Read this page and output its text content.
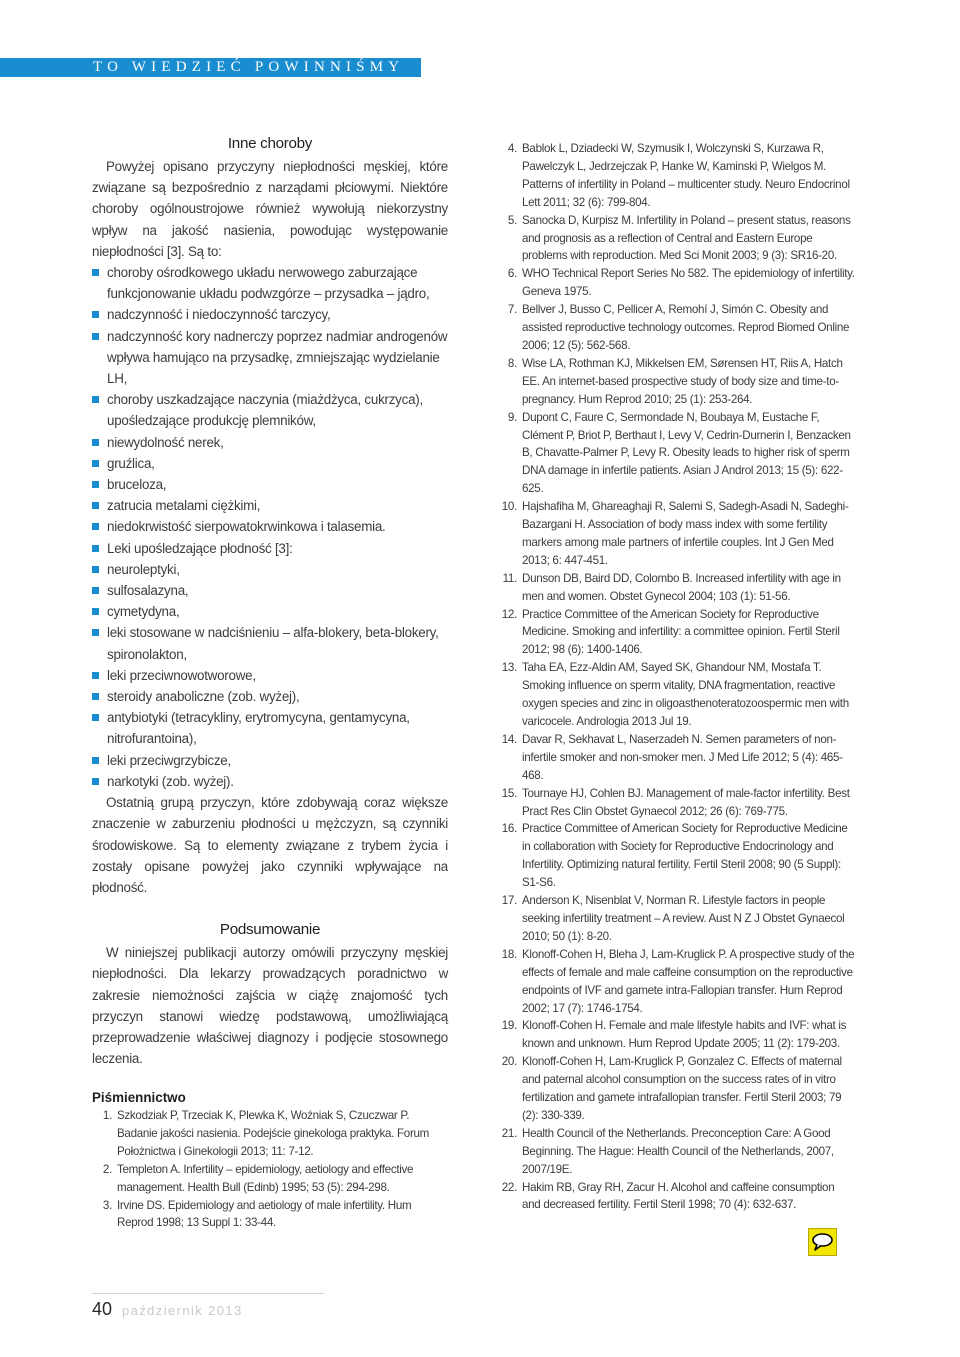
TO WIEDZIEĆ POWINNIŚMY
Inne choroby

Powyżej opisano przyczyny niepłodności męskiej, które związane są bezpośrednio z narządami płciowymi. Niektóre choroby ogólnoustrojowe również wywołują niekorzystny wpływ na jakość nasienia, powodując występowanie niepłodności [3]. Są to:

choroby ośrodkowego układu nerwowego zaburzające funkcjonowanie układu podwzgórze – przysadka – jądro,
nadczynność i niedoczynność tarczycy,
nadczynność kory nadnerczy poprzez nadmiar androgenów wpływa hamująco na przysadkę, zmniejszając wydzielanie LH,
choroby uszkadzające naczynia (miażdżyca, cukrzyca), upośledzające produkcję plemników,
niewydolność nerek,
gruźlica,
bruceloza,
zatrucia metalami ciężkimi,
niedokrwistość sierpowatokrwinkowa i talasemia.
Leki upośledzające płodność [3]:
neuroleptyki,
sulfosalazyna,
cymetydyna,
leki stosowane w nadciśnieniu – alfa-blokery, beta-blokery, spironolakton,
leki przeciwnowotworowe,
steroidy anaboliczne (zob. wyżej),
antybiotyki (tetracykliny, erytromycyna, gentamycyna, nitrofurantoina),
leki przeciwgrzybicze,
narkotyki (zob. wyżej).

Ostatnią grupą przyczyn, które zdobywają coraz większe znaczenie w zaburzeniu płodności u mężczyzn, są czynniki środowiskowe. Są to elementy związane z trybem życia i zostały opisane powyżej jako czynniki wpływające na płodność.

Podsumowanie

W niniejszej publikacji autorzy omówili przyczyny męskiej niepłodności. Dla lekarzy prowadzących poradnictwo w zakresie niemożności zajścia w ciążę znajomość tych przyczyn stanowi wiedzę podstawową, umożliwiającą przeprowadzenie właściwej diagnozy i podjęcie stosownego leczenia.

Piśmiennictwo

1. Szkodziak P, Trzeciak K, Plewka K, Woźniak S, Czuczwar P. Badanie jakości nasienia. Podejście ginekologa praktyka. Forum Położnictwa i Ginekologii 2013; 11: 7-12.

2. Templeton A. Infertility – epidemiology, aetiology and effective management. Health Bull (Edinb) 1995; 53 (5): 294-298.

3. Irvine DS. Epidemiology and aetiology of male infertility. Hum Reprod 1998; 13 Suppl 1: 33-44.

4. Bablok L, Dziadecki W, Szymusik I, Wolczynski S, Kurzawa R, Pawelczyk L, Jedrzejczak P, Hanke W, Kaminski P, Wielgos M. Patterns of infertility in Poland – multicenter study. Neuro Endocrinol Lett 2011; 32 (6): 799-804.

5. Sanocka D, Kurpisz M. Infertility in Poland – present status, reasons and prognosis as a reflection of Central and Eastern Europe problems with reproduction. Med Sci Monit 2003; 9 (3): SR16-20.

6. WHO Technical Report Series No 582. The epidemiology of infertility. Geneva 1975.

7. Bellver J, Busso C, Pellicer A, Remohí J, Simón C. Obesity and assisted reproductive technology outcomes. Reprod Biomed Online 2006; 12 (5): 562-568.

8. Wise LA, Rothman KJ, Mikkelsen EM, Sørensen HT, Riis A, Hatch EE. An internet-based prospective study of body size and time-to-pregnancy. Hum Reprod 2010; 25 (1): 253-264.

9. Dupont C, Faure C, Sermondade N, Boubaya M, Eustache F, Clément P, Briot P, Berthaut I, Levy V, Cedrin-Durnerin I, Benzacken B, Chavatte-Palmer P, Levy R. Obesity leads to higher risk of sperm DNA damage in infertile patients. Asian J Androl 2013; 15 (5): 622-625.

10. Hajshafiha M, Ghareaghaji R, Salemi S, Sadegh-Asadi N, Sadeghi-Bazargani H. Association of body mass index with some fertility markers among male partners of infertile couples. Int J Gen Med 2013; 6: 447-451.

11. Dunson DB, Baird DD, Colombo B. Increased infertility with age in men and women. Obstet Gynecol 2004; 103 (1): 51-56.

12. Practice Committee of the American Society for Reproductive Medicine. Smoking and infertility: a committee opinion. Fertil Steril 2012; 98 (6): 1400-1406.

13. Taha EA, Ezz-Aldin AM, Sayed SK, Ghandour NM, Mostafa T. Smoking influence on sperm vitality, DNA fragmentation, reactive oxygen species and zinc in oligoasthenoteratozoospermic men with varicocele. Andrologia 2013 Jul 19.

14. Davar R, Sekhavat L, Naserzadeh N. Semen parameters of non-infertile smoker and non-smoker men. J Med Life 2012; 5 (4): 465-468.

15. Tournaye HJ, Cohlen BJ. Management of male-factor infertility. Best Pract Res Clin Obstet Gynaecol 2012; 26 (6): 769-775.

16. Practice Committee of American Society for Reproductive Medicine in collaboration with Society for Reproductive Endocrinology and Infertility. Optimizing natural fertility. Fertil Steril 2008; 90 (5 Suppl): S1-S6.

17. Anderson K, Nisenblat V, Norman R. Lifestyle factors in people seeking infertility treatment – A review. Aust N Z J Obstet Gynaecol 2010; 50 (1): 8-20.

18. Klonoff-Cohen H, Bleha J, Lam-Kruglick P. A prospective study of the effects of female and male caffeine consumption on the reproductive endpoints of IVF and gamete intra-Fallopian transfer. Hum Reprod 2002; 17 (7): 1746-1754.

19. Klonoff-Cohen H. Female and male lifestyle habits and IVF: what is known and unknown. Hum Reprod Update 2005; 11 (2): 179-203.

20. Klonoff-Cohen H, Lam-Kruglick P, Gonzalez C. Effects of maternal and paternal alcohol consumption on the success rates of in vitro fertilization and gamete intrafallopian transfer. Fertil Steril 2003; 79 (2): 330-339.

21. Health Council of the Netherlands. Preconception Care: A Good Beginning. The Hague: Health Council of the Netherlands, 2007, 2007/19E.

22. Hakim RB, Gray RH, Zacur H. Alcohol and caffeine consumption and decreased fertility. Fertil Steril 1998; 70 (4): 632-637.

40 październik 2013
